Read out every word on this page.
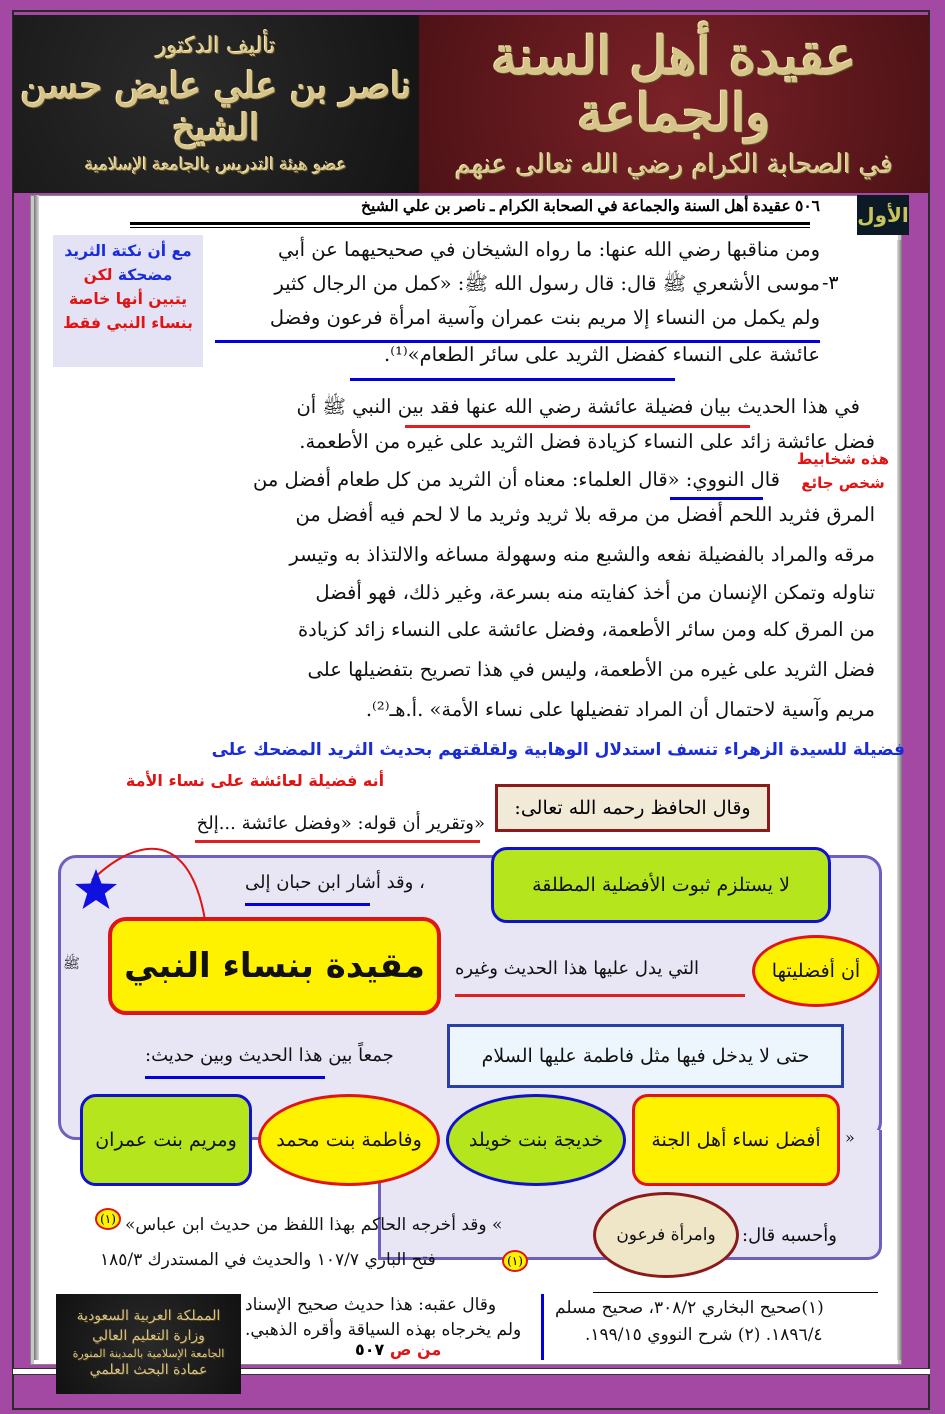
تأليف الدكتور
ناصر بن علي عايض حسن الشيخ
عضو هيئة التدريس بالجامعة الإسلامية
عقيدة أهل السنة والجماعة
في الصحابة الكرام رضي الله تعالى عنهم
الأول
٥٠٦ عقيدة أهل السنة والجماعة في الصحابة الكرام ـ ناصر بن علي الشيخ
مع أن نكتة الثريد
مضحكة لكن
يتبين أنها خاصة
بنساء النبي فقط
٣-
ومن مناقبها رضي الله عنها: ما رواه الشيخان في صحيحيهما عن أبي
موسى الأشعري ﷺ قال: قال رسول الله ﷺ: «كمل من الرجال كثير
ولم يكمل من النساء إلا مريم بنت عمران وآسية امرأة فرعون وفضل
عائشة على النساء كفضل الثريد على سائر الطعام»⁽¹⁾.
في هذا الحديث بيان فضيلة عائشة رضي الله عنها فقد بين النبي ﷺ أن
فضل عائشة زائد على النساء كزيادة فضل الثريد على غيره من الأطعمة.
هذه شخابيط
شخص جائع
قال النووي: «قال العلماء: معناه أن الثريد من كل طعام أفضل من
المرق فثريد اللحم أفضل من مرقه بلا ثريد وثريد ما لا لحم فيه أفضل من
مرقه والمراد بالفضيلة نفعه والشبع منه وسهولة مساغه والالتذاذ به وتيسر
تناوله وتمكن الإنسان من أخذ كفايته منه بسرعة، وغير ذلك، فهو أفضل
من المرق كله ومن سائر الأطعمة، وفضل عائشة على النساء زائد كزيادة
فضل الثريد على غيره من الأطعمة، وليس في هذا تصريح بتفضيلها على
مريم وآسية لاحتمال أن المراد تفضيلها على نساء الأمة» .أ.هـ⁽²⁾.
فضيلة للسيدة الزهراء تنسف استدلال الوهابية ولقلقتهم بحديث الثريد المضحك على
أنه فضيلة لعائشة على نساء الأمة
وقال الحافظ رحمه الله تعالى:
«وتقرير أن قوله: «وفضل عائشة ...إلخ
لا يستلزم ثبوت الأفضلية المطلقة
، وقد أشار ابن حبان إلى
مقيدة بنساء النبي	أن أفضليتها
التي يدل عليها هذا الحديث وغيره
ﷺ
حتى لا يدخل فيها مثل فاطمة عليها السلام
جمعاً بين هذا الحديث وبين حديث:
«
أفضل نساء أهل الجنة
خديجة بنت خويلد
وفاطمة بنت محمد
ومريم بنت عمران
وأحسبه قال:
وامرأة فرعون
» وقد أخرجه الحاكم بهذا اللفظ من حديث ابن عباس»
(١)
(١)
فتح الباري ١٠٧/٧ والحديث في المستدرك ١٨٥/٣
وقال عقبه: هذا حديث صحيح الإسناد
ولم يخرجاه بهذه السياقة وأقره الذهبي.
من ص ٥٠٧
(١)صحيح البخاري ٣٠٨/٢، صحيح مسلم
١٨٩٦/٤. (٢) شرح النووي ١٩٩/١٥.
المملكة العربية السعودية
وزارة التعليم العالي
الجامعة الإسلامية بالمدينة المنورة
عمادة البحث العلمي
